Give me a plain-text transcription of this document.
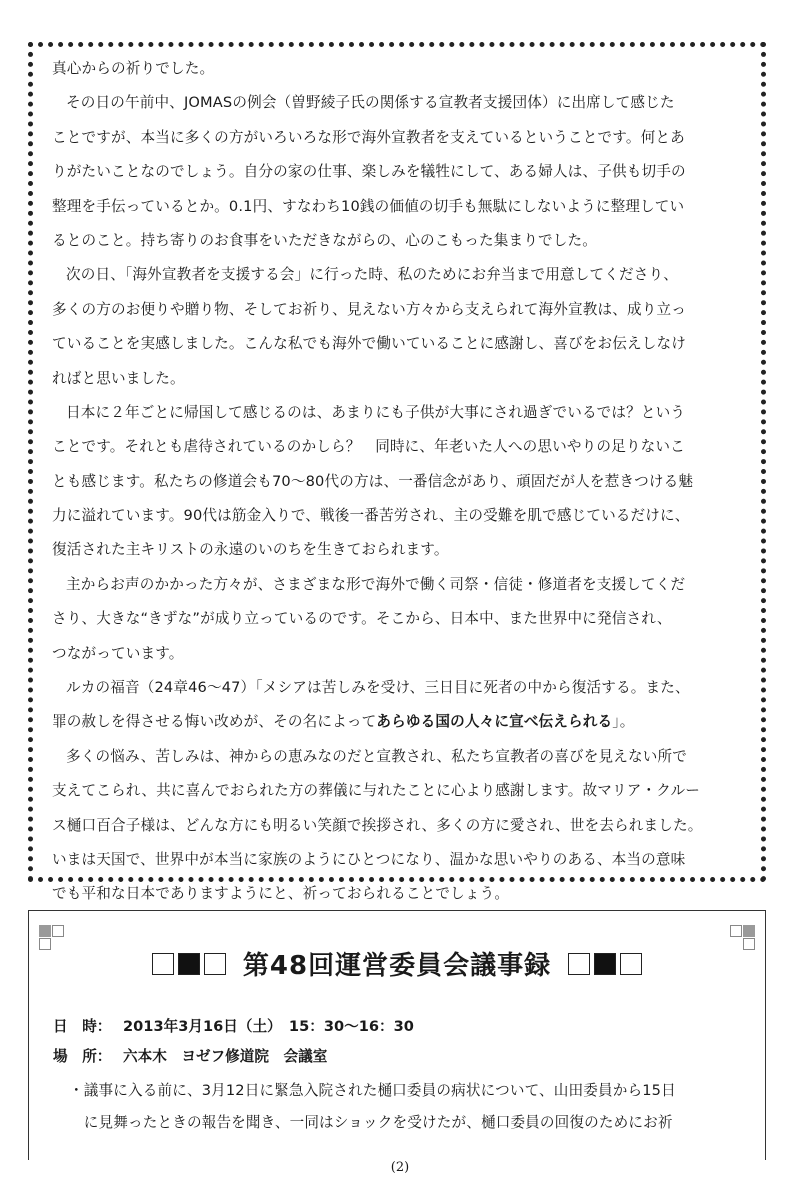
真心からの祈りでした。
その日の午前中、JOMASの例会（曽野綾子氏の関係する宣教者支援団体）に出席して感じた
ことですが、本当に多くの方がいろいろな形で海外宣教者を支えているということです。何とあ
りがたいことなのでしょう。自分の家の仕事、楽しみを犠牲にして、ある婦人は、子供も切手の
整理を手伝っているとか。0.1円、すなわち10銭の価値の切手も無駄にしないように整理してい
るとのこと。持ち寄りのお食事をいただきながらの、心のこもった集まりでした。
次の日、「海外宣教者を支援する会」に行った時、私のためにお弁当まで用意してくださり、
多くの方のお便りや贈り物、そしてお祈り、見えない方々から支えられて海外宣教は、成り立っ
ていることを実感しました。こんな私でも海外で働いていることに感謝し、喜びをお伝えしなけ
ればと思いました。
日本に２年ごとに帰国して感じるのは、あまりにも子供が大事にされ過ぎでいるでは？という
ことです。それとも虐待されているのかしら？　同時に、年老いた人への思いやりの足りないこ
とも感じます。私たちの修道会も70〜80代の方は、一番信念があり、頑固だが人を惹きつける魅
力に溢れています。90代は筋金入りで、戦後一番苦労され、主の受難を肌で感じているだけに、
復活された主キリストの永遠のいのちを生きておられます。
主からお声のかかった方々が、さまざまな形で海外で働く司祭・信徒・修道者を支援してくだ
さり、大きな“きずな”が成り立っているのです。そこから、日本中、また世界中に発信され、
つながっています。
ルカの福音（24章46〜47）「メシアは苦しみを受け、三日目に死者の中から復活する。また、
罪の赦しを得させる悔い改めが、その名によってあらゆる国の人々に宣べ伝えられる」。
多くの悩み、苦しみは、神からの恵みなのだと宣教され、私たち宣教者の喜びを見えない所で
支えてこられ、共に喜んでおられた方の葬儀に与れたことに心より感謝します。故マリア・クルー
ス樋口百合子様は、どんな方にも明るい笑顔で挨拶され、多くの方に愛され、世を去られました。
いまは天国で、世界中が本当に家族のようにひとつになり、温かな思いやりのある、本当の意味
でも平和な日本でありますようにと、祈っておられることでしょう。
第48回運営委員会議事録
日　時： 2013年3月16日（土）　15：30〜16：30
場　所： 六本木　ヨゼフ修道院　会議室
・議事に入る前に、3月12日に緊急入院された樋口委員の病状について、山田委員から15日
　に見舞ったときの報告を聞き、一同はショックを受けたが、樋口委員の回復のためにお祈
(2)
